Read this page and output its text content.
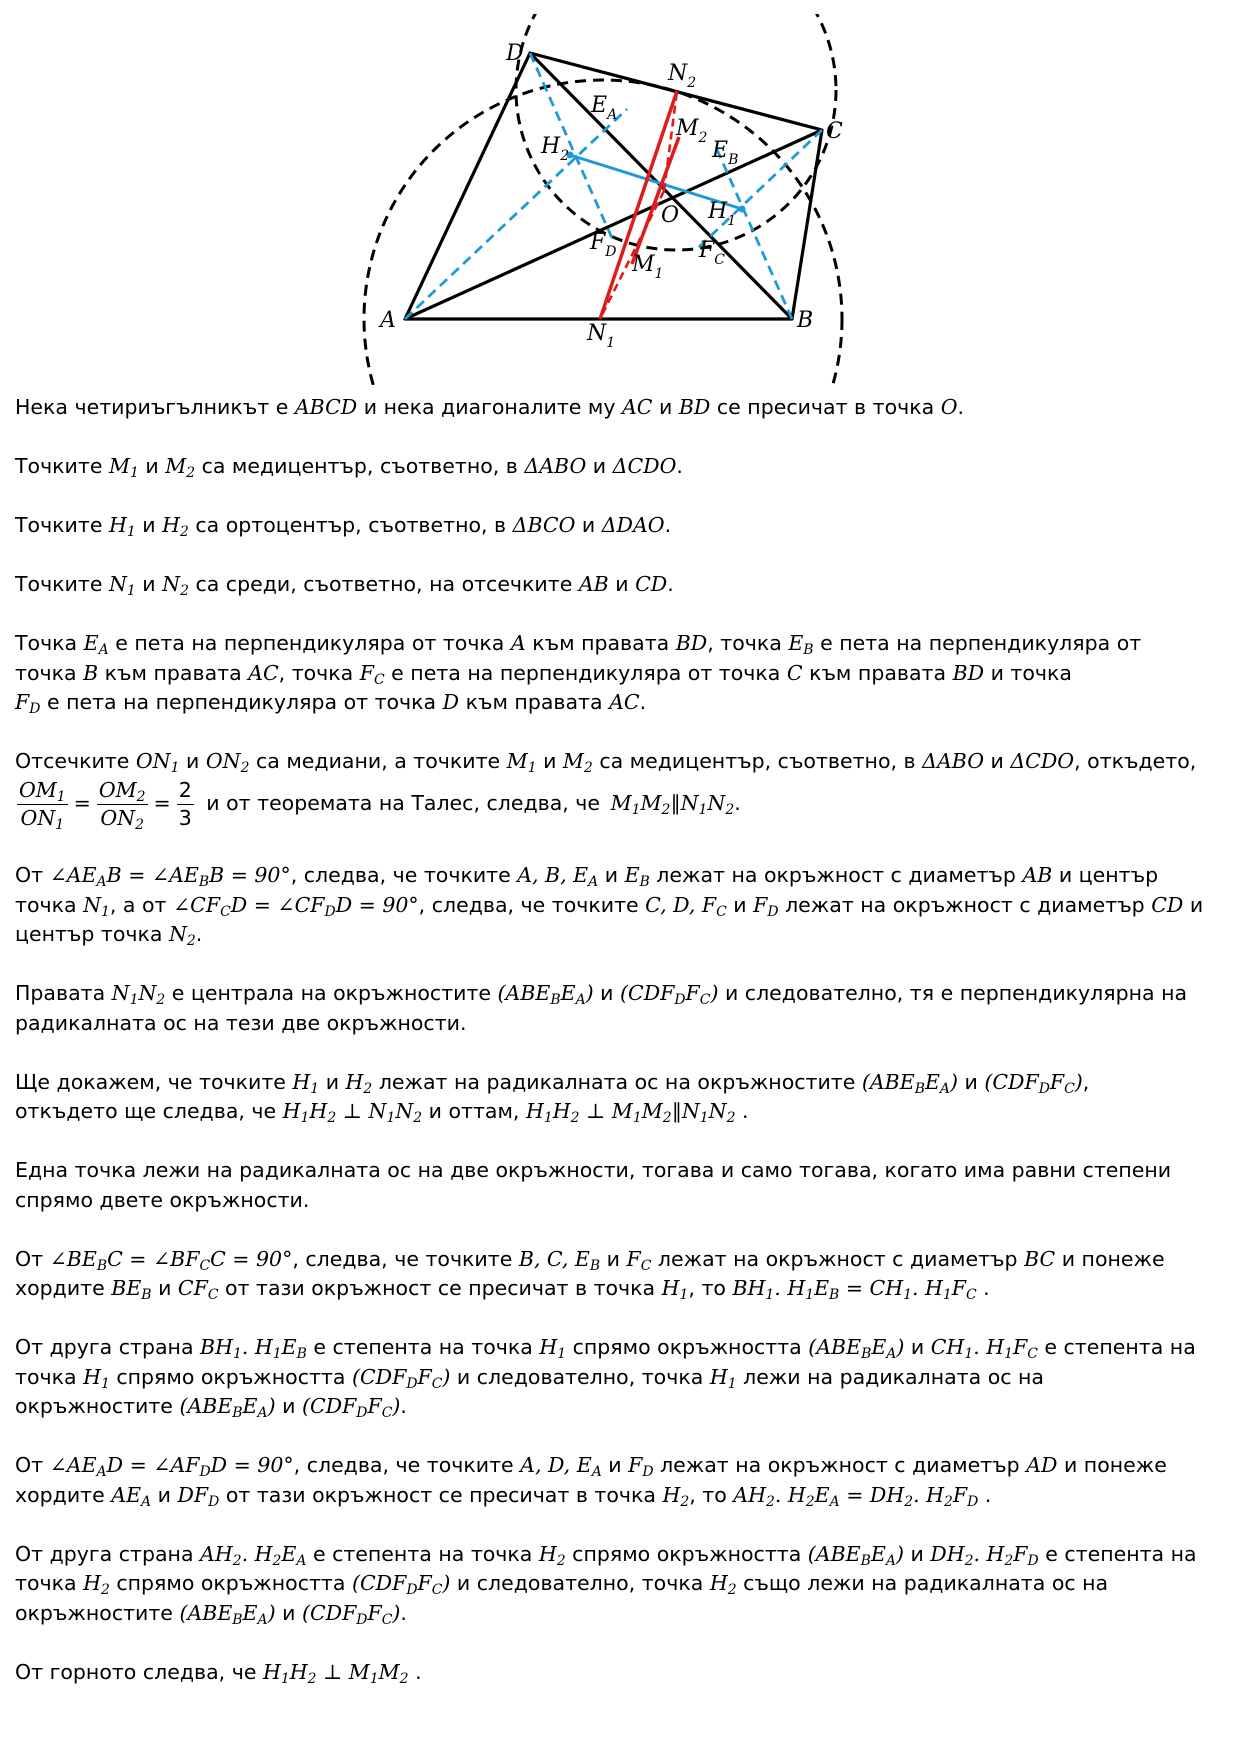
A	B
C
D
O
$N_1$
$N_2$
$M_1$
$M_2$
$H_1$
$H_2$
$E_A$
$E_B$
$F_C$
$F_D$

Нека четириъгълникът е ABCD и нека диагоналите му AC и BD се пресичат в точка O.

Точките $M_1$ и $M_2$ са медицентър, съответно, в ΔABO и ΔCDO.

Точките $H_1$ и $H_2$ са ортоцентър, съответно, в ΔBCO и ΔDAO.

Точките $N_1$ и $N_2$ са среди, съответно, на отсечките AB и CD.

Точка $E_A$ е пета на перпендикуляра от точка A към правата BD, точка $E_B$ е пета на перпендикуляра от
точка B към правата AC, точка $F_C$ е пета на перпендикуляра от точка C към правата BD и точка
$F_D$ е пета на перпендикуляра от точка D към правата AC.

Отсечките $ON_1$ и $ON_2$ са медиани, а точките $M_1$ и $M_2$ са медицентър, съответно, в ΔABO и ΔCDO, откъдето,

$\frac{OM_1}{ON_1} = \frac{OM_2}{ON_2} = \frac{2}{3}$ и от теоремата на Талес, следва, че $M_1M_2\parallel N_1N_2$.

От $\angle AE_AB$ = $\angle AE_BB = 90^\circ$, следва, че точките A, B, $E_A$ и $E_B$ лежат на окръжност с диаметър AB и център
точка $N_1$, а от $\angle CF_CD$ = $\angle CF_DD = 90^\circ$, следва, че точките C, D, $F_C$ и $F_D$ лежат на окръжност с диаметър CD и
център точка $N_2$.

Правата $N_1N_2$ е централа на окръжностите $(ABE_BE_A)$ и $(CDF_DF_C)$ и следователно, тя е перпендикулярна на
радикалната ос на тези две окръжности.

Ще докажем, че точките $H_1$ и $H_2$ лежат на радикалната ос на окръжностите $(ABE_BE_A)$ и $(CDF_DF_C)$,
откъдето ще следва, че $H_1H_2$ ⊥ $N_1N_2$ и оттам, $H_1H_2$ ⊥ $M_1M_2\parallel N_1N_2$ .

Една точка лежи на радикалната ос на две окръжности, тогава и само тогава, когато има равни степени
спрямо двете окръжности.

От $\angle BE_BC$ = $\angle BF_CC = 90^\circ$, следва, че точките B, C, $E_B$ и $F_C$ лежат на окръжност с диаметър BC и понеже
хордите $BE_B$ и $CF_C$ от тази окръжност се пресичат в точка $H_1$, то $BH_1$. $H_1E_B = CH_1$. $H_1F_C$ .

От друга страна $BH_1$. $H_1E_B$ е степента на точка $H_1$ спрямо окръжността $(ABE_BE_A)$ и $CH_1$. $H_1F_C$ е степента на
точка $H_1$ спрямо окръжността $(CDF_DF_C)$ и следователно, точка $H_1$ лежи на радикалната ос на
окръжностите $(ABE_BE_A)$ и $(CDF_DF_C)$.

От $\angle AE_AD$ = $\angle AF_DD = 90^\circ$, следва, че точките A, D, $E_A$ и $F_D$ лежат на окръжност с диаметър AD и понеже
хордите $AE_A$ и $DF_D$ от тази окръжност се пресичат в точка $H_2$, то $AH_2$. $H_2E_A = DH_2$. $H_2F_D$ .

От друга страна $AH_2$. $H_2E_A$ е степента на точка $H_2$ спрямо окръжността $(ABE_BE_A)$ и $DH_2$. $H_2F_D$ е степента на
точка $H_2$ спрямо окръжността $(CDF_DF_C)$ и следователно, точка $H_2$ също лежи на радикалната ос на
окръжностите $(ABE_BE_A)$ и $(CDF_DF_C)$.

От горното следва, че $H_1H_2$ ⊥ $M_1M_2$ .
